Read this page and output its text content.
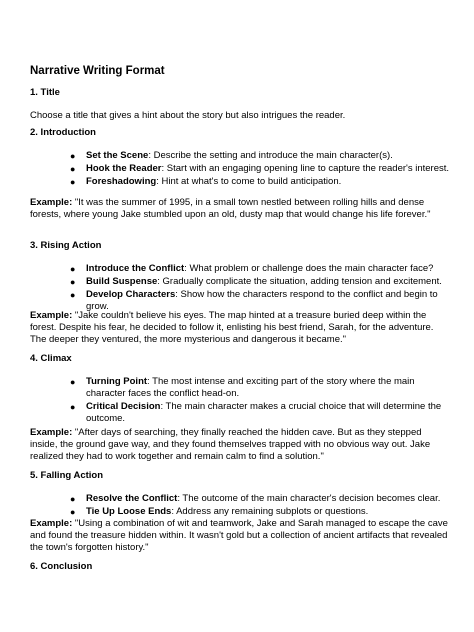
Narrative Writing Format
1. Title

Choose a title that gives a hint about the story but also intrigues the reader.

2. Introduction
● Set the Scene: Describe the setting and introduce the main character(s).
● Hook the Reader: Start with an engaging opening line to capture the reader's interest.
● Foreshadowing: Hint at what's to come to build anticipation.

Example: "It was the summer of 1995, in a small town nestled between rolling hills and dense forests, where young Jake stumbled upon an old, dusty map that would change his life forever."

3. Rising Action
● Introduce the Conflict: What problem or challenge does the main character face?
● Build Suspense: Gradually complicate the situation, adding tension and excitement.
● Develop Characters: Show how the characters respond to the conflict and begin to grow.

Example: "Jake couldn't believe his eyes. The map hinted at a treasure buried deep within the forest. Despite his fear, he decided to follow it, enlisting his best friend, Sarah, for the adventure. The deeper they ventured, the more mysterious and dangerous it became."

4. Climax
● Turning Point: The most intense and exciting part of the story where the main character faces the conflict head-on.
● Critical Decision: The main character makes a crucial choice that will determine the outcome.

Example: "After days of searching, they finally reached the hidden cave. But as they stepped inside, the ground gave way, and they found themselves trapped with no obvious way out. Jake realized they had to work together and remain calm to find a solution."

5. Falling Action
● Resolve the Conflict: The outcome of the main character's decision becomes clear.
● Tie Up Loose Ends: Address any remaining subplots or questions.

Example: "Using a combination of wit and teamwork, Jake and Sarah managed to escape the cave and found the treasure hidden within. It wasn't gold but a collection of ancient artifacts that revealed the town's forgotten history."

6. Conclusion
